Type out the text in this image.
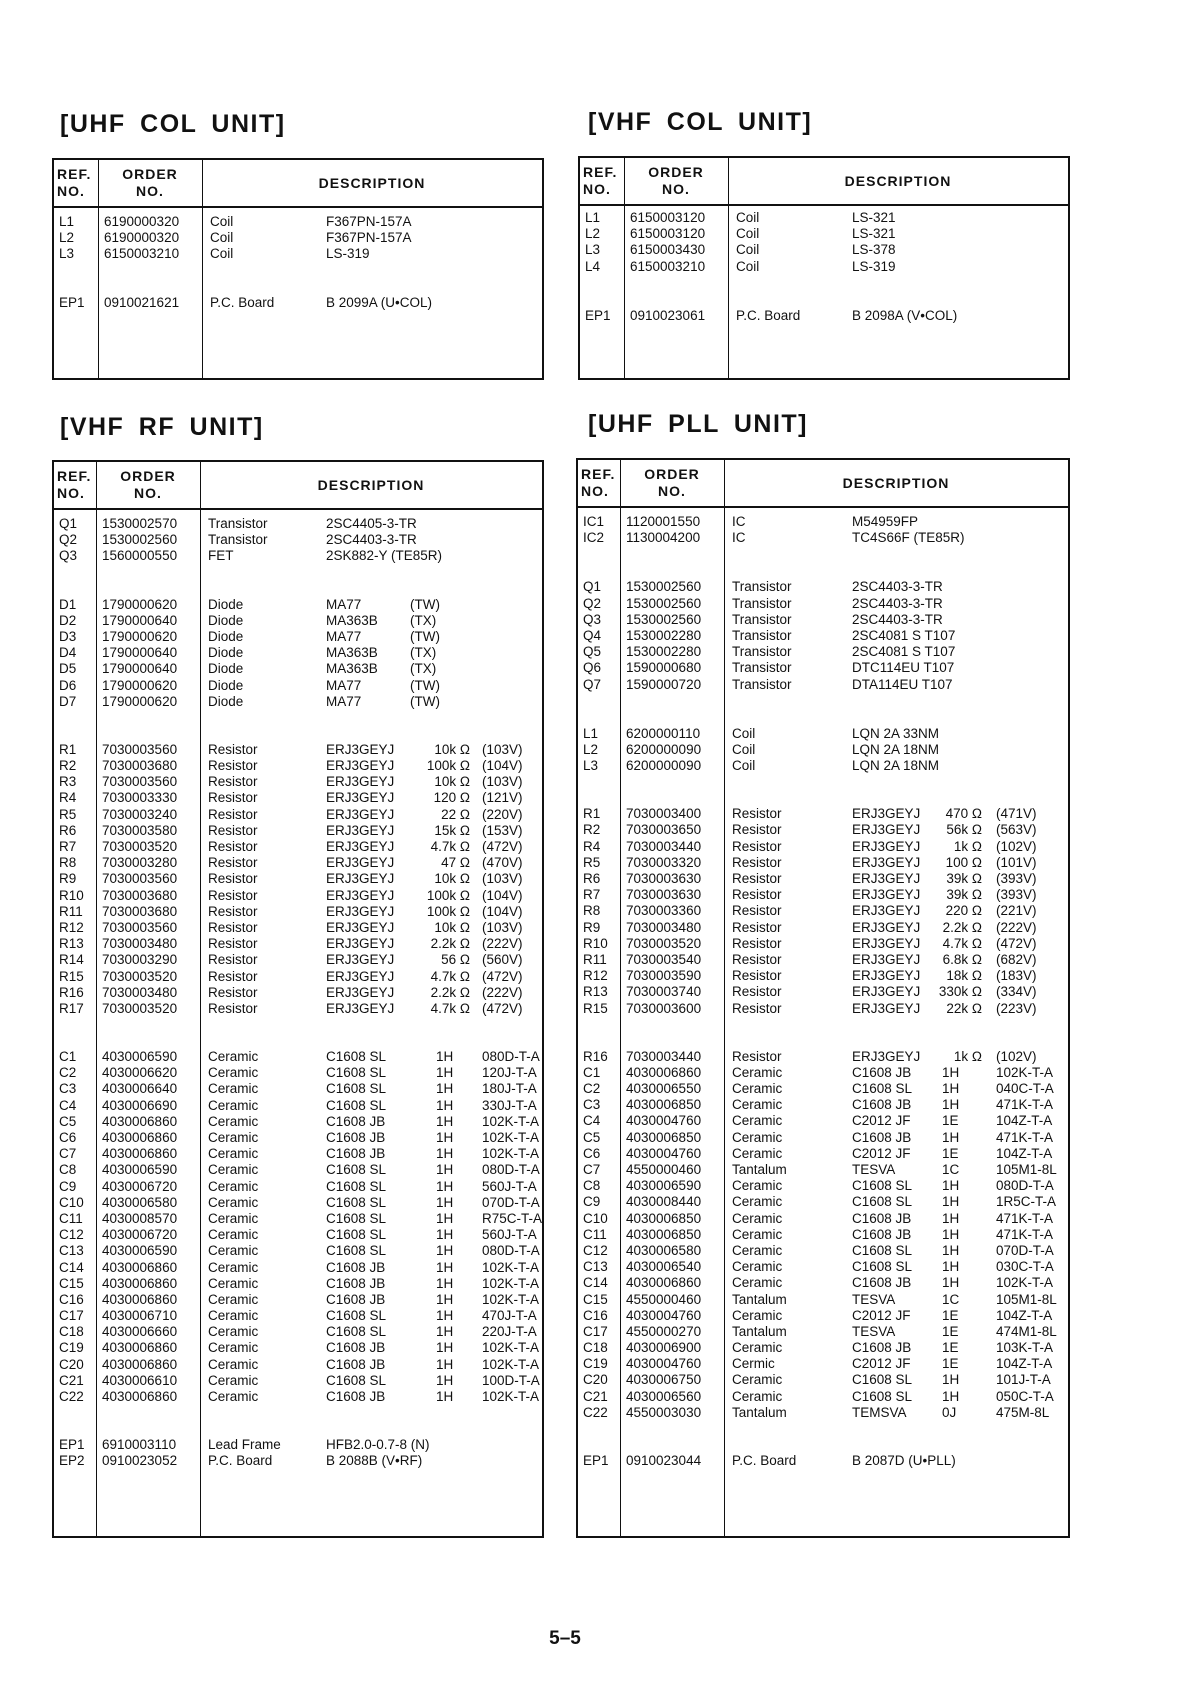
[UHF COL UNIT]	[VHF COL UNIT]
[VHF RF UNIT]	[UHF PLL UNIT]
REF.
NO.
ORDER
NO.	DESCRIPTION
L1 6190000320 Coil	F367PN-157A
L2 6190000320 Coil	F367PN-157A
L3 6150003210 Coil	LS-319
EP1 0910021621 P.C. Board	B 2099A (U•COL)
REF.
NO.
ORDER
NO.	DESCRIPTION
L1 6150003120 Coil	LS-321
L2 6150003120 Coil	LS-321
L3 6150003430 Coil	LS-378
L4 6150003210 Coil	LS-319
EP1 0910023061 P.C. Board	B 2098A (V•COL)
REF.
NO.
ORDER
NO.	DESCRIPTION
Q1 1530002570 Transistor	2SC4405-3-TR
Q2 1530002560 Transistor	2SC4403-3-TR
Q3 1560000550 FET	2SK882-Y (TE85R)
D1 1790000620 Diode	MA77	(TW)
D2 1790000640 Diode	MA363B (TX)
D3 1790000620 Diode	MA77	(TW)
D4 1790000640 Diode	MA363B (TX)
D5 1790000640 Diode	MA363B (TX)
D6 1790000620 Diode	MA77	(TW)
D7 1790000620 Diode	MA77	(TW)
R1 7030003560 Resistor	ERJ3GEYJ	10k Ω (103V)
R2 7030003680 Resistor	ERJ3GEYJ	100k Ω (104V)
R3 7030003560 Resistor	ERJ3GEYJ	10k Ω (103V)
R4 7030003330 Resistor	ERJ3GEYJ	120 Ω (121V)
R5 7030003240 Resistor	ERJ3GEYJ	22 Ω (220V)
R6 7030003580 Resistor	ERJ3GEYJ	15k Ω (153V)
R7 7030003520 Resistor	ERJ3GEYJ	4.7k Ω (472V)
R8 7030003280 Resistor	ERJ3GEYJ	47 Ω (470V)
R9 7030003560 Resistor	ERJ3GEYJ	10k Ω (103V)
R10 7030003680 Resistor	ERJ3GEYJ	100k Ω (104V)
R11 7030003680 Resistor	ERJ3GEYJ	100k Ω (104V)
R12 7030003560 Resistor	ERJ3GEYJ	10k Ω (103V)
R13 7030003480 Resistor	ERJ3GEYJ	2.2k Ω (222V)
R14 7030003290 Resistor	ERJ3GEYJ	56 Ω (560V)
R15 7030003520 Resistor	ERJ3GEYJ	4.7k Ω (472V)
R16 7030003480 Resistor	ERJ3GEYJ	2.2k Ω (222V)
R17 7030003520 Resistor	ERJ3GEYJ	4.7k Ω (472V)
C1 4030006590 Ceramic	C1608 SL	1H 080D-T-A
C2 4030006620 Ceramic	C1608 SL	1H 120J-T-A
C3 4030006640 Ceramic	C1608 SL	1H 180J-T-A
C4 4030006690 Ceramic	C1608 SL	1H 330J-T-A
C5 4030006860 Ceramic	C1608 JB	1H 102K-T-A
C6 4030006860 Ceramic	C1608 JB	1H 102K-T-A
C7 4030006860 Ceramic	C1608 JB	1H 102K-T-A
C8 4030006590 Ceramic	C1608 SL	1H 080D-T-A
C9 4030006720 Ceramic	C1608 SL	1H 560J-T-A
C10 4030006580 Ceramic	C1608 SL	1H 070D-T-A
C11 4030008570 Ceramic	C1608 SL	1H R75C-T-A
C12 4030006720 Ceramic	C1608 SL	1H 560J-T-A
C13 4030006590 Ceramic	C1608 SL	1H 080D-T-A
C14 4030006860 Ceramic	C1608 JB	1H 102K-T-A
C15 4030006860 Ceramic	C1608 JB	1H 102K-T-A
C16 4030006860 Ceramic	C1608 JB	1H 102K-T-A
C17 4030006710 Ceramic	C1608 SL	1H 470J-T-A
C18 4030006660 Ceramic	C1608 SL	1H 220J-T-A
C19 4030006860 Ceramic	C1608 JB	1H 102K-T-A
C20 4030006860 Ceramic	C1608 JB	1H 102K-T-A
C21 4030006610 Ceramic	C1608 SL	1H 100D-T-A
C22 4030006860 Ceramic	C1608 JB	1H 102K-T-A
EP1 6910003110 Lead Frame	HFB2.0-0.7-8 (N)
EP2 0910023052 P.C. Board	B 2088B (V•RF)
REF.
NO.
ORDER
NO.	DESCRIPTION
IC1 1120001550 IC	M54959FP
IC2 1130004200 IC	TC4S66F (TE85R)
Q1 1530002560 Transistor	2SC4403-3-TR
Q2 1530002560 Transistor	2SC4403-3-TR
Q3 1530002560 Transistor	2SC4403-3-TR
Q4 1530002280 Transistor	2SC4081 S T107
Q5 1530002280 Transistor	2SC4081 S T107
Q6 1590000680 Transistor	DTC114EU T107
Q7 1590000720 Transistor	DTA114EU T107
L1 6200000110 Coil	LQN 2A 33NM
L2 6200000090 Coil	LQN 2A 18NM
L3 6200000090 Coil	LQN 2A 18NM
R1 7030003400 Resistor	ERJ3GEYJ	470 Ω (471V)
R2 7030003650 Resistor	ERJ3GEYJ	56k Ω (563V)
R4 7030003440 Resistor	ERJ3GEYJ	1k Ω (102V)
R5 7030003320 Resistor	ERJ3GEYJ	100 Ω (101V)
R6 7030003630 Resistor	ERJ3GEYJ	39k Ω (393V)
R7 7030003630 Resistor	ERJ3GEYJ	39k Ω (393V)
R8 7030003360 Resistor	ERJ3GEYJ	220 Ω (221V)
R9 7030003480 Resistor	ERJ3GEYJ	2.2k Ω (222V)
R10 7030003520 Resistor	ERJ3GEYJ	4.7k Ω (472V)
R11 7030003540 Resistor	ERJ3GEYJ	6.8k Ω (682V)
R12 7030003590 Resistor	ERJ3GEYJ	18k Ω (183V)
R13 7030003740 Resistor	ERJ3GEYJ	330k Ω (334V)
R15 7030003600 Resistor	ERJ3GEYJ	22k Ω (223V)
R16 7030003440 Resistor	ERJ3GEYJ	1k Ω (102V)
C1 4030006860 Ceramic	C1608 JB 1H	102K-T-A
C2 4030006550 Ceramic	C1608 SL 1H	040C-T-A
C3 4030006850 Ceramic	C1608 JB 1H	471K-T-A
C4 4030004760 Ceramic	C2012 JF 1E	104Z-T-A
C5 4030006850 Ceramic	C1608 JB 1H	471K-T-A
C6 4030004760 Ceramic	C2012 JF 1E	104Z-T-A
C7 4550000460 Tantalum	TESVA	1C	105M1-8L
C8 4030006590 Ceramic	C1608 SL 1H	080D-T-A
C9 4030008440 Ceramic	C1608 SL 1H	1R5C-T-A
C10 4030006850 Ceramic	C1608 JB 1H	471K-T-A
C11 4030006850 Ceramic	C1608 JB 1H	471K-T-A
C12 4030006580 Ceramic	C1608 SL 1H	070D-T-A
C13 4030006540 Ceramic	C1608 SL 1H	030C-T-A
C14 4030006860 Ceramic	C1608 JB 1H	102K-T-A
C15 4550000460 Tantalum	TESVA	1C	105M1-8L
C16 4030004760 Ceramic	C2012 JF 1E	104Z-T-A
C17 4550000270 Tantalum	TESVA	1E	474M1-8L
C18 4030006900 Ceramic	C1608 JB 1E	103K-T-A
C19 4030004760 Cermic	C2012 JF 1E	104Z-T-A
C20 4030006750 Ceramic	C1608 SL 1H	101J-T-A
C21 4030006560 Ceramic	C1608 SL 1H	050C-T-A
C22 4550003030 Tantalum	TEMSVA	0J	475M-8L
EP1 0910023044 P.C. Board	B 2087D (U•PLL)
5–5
